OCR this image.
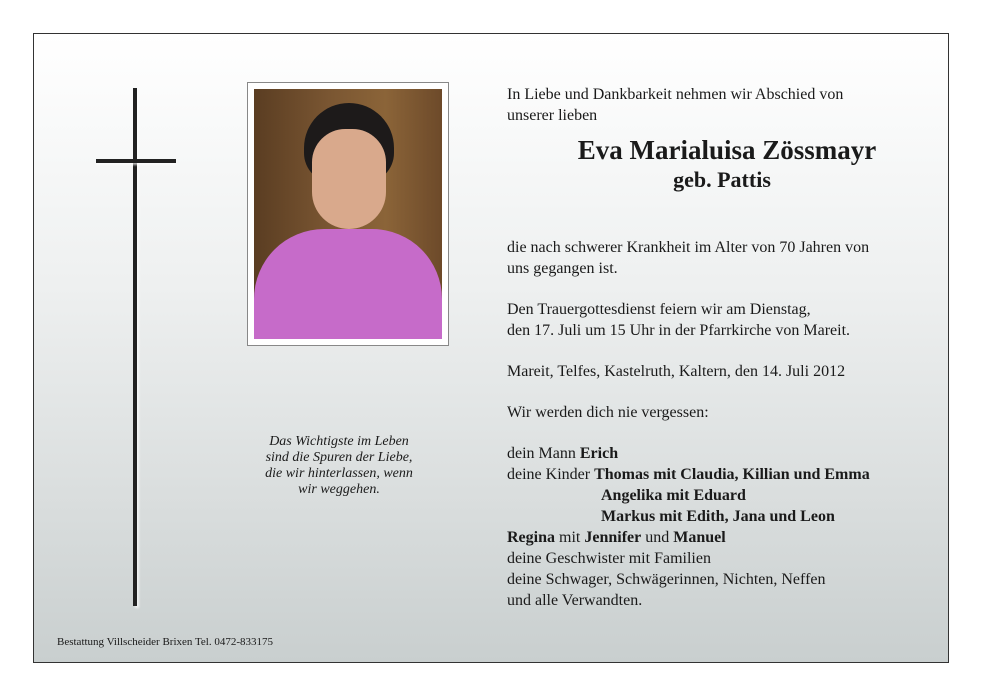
Das Wichtigste im Leben
sind die Spuren der Liebe,
die wir hinterlassen, wenn
wir weggehen.
Bestattung Villscheider Brixen Tel. 0472-833175

In Liebe und Dankbarkeit nehmen wir Abschied von

unserer lieben

Eva Marialuisa Zössmayr

geb. Pattis

die nach schwerer Krankheit im Alter von 70 Jahren von

uns gegangen ist.

Den Trauergottesdienst feiern wir am Dienstag,

den 17. Juli um 15 Uhr in der Pfarrkirche von Mareit.

Mareit, Telfes, Kastelruth, Kaltern, den 14. Juli 2012

Wir werden dich nie vergessen:

dein Mann Erich

deine Kinder Thomas mit Claudia, Killian und Emma

Angelika mit Eduard

Markus mit Edith, Jana und Leon

Regina mit Jennifer und Manuel

deine Geschwister mit Familien

deine Schwager, Schwägerinnen, Nichten, Neffen

und alle Verwandten.
